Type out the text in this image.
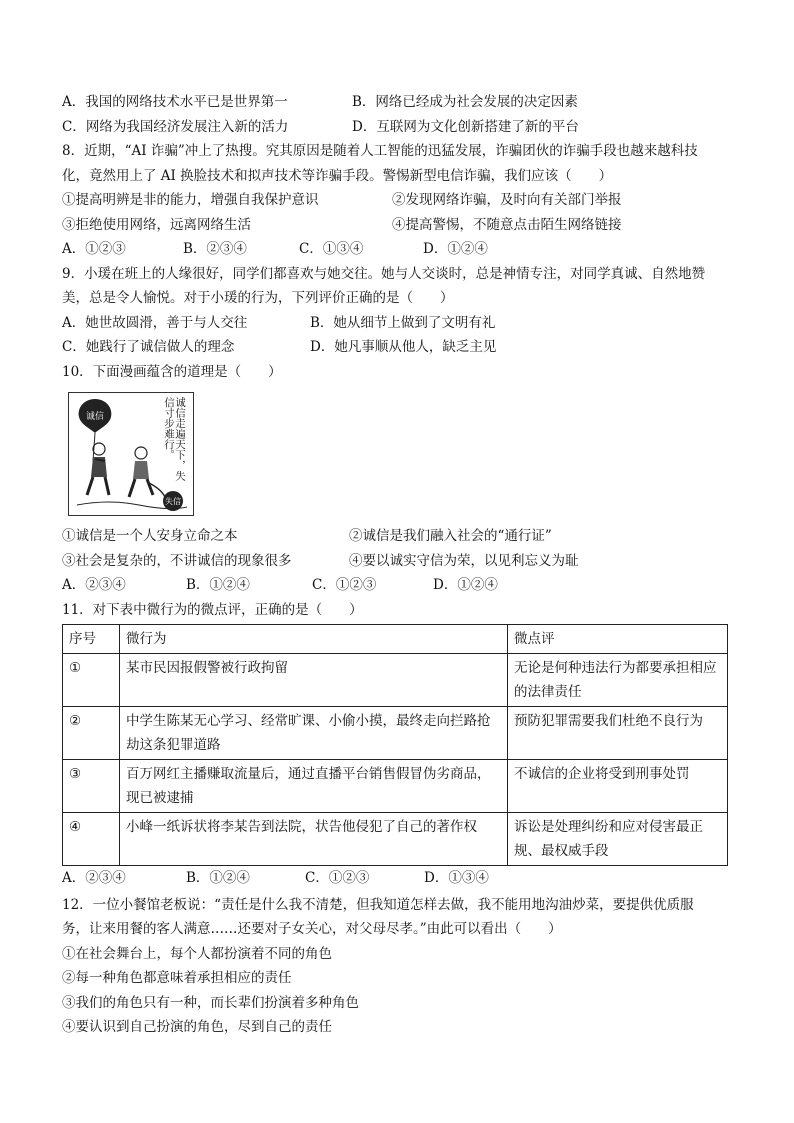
A．我国的网络技术水平已是世界第一	B．网络已经成为社会发展的决定因素
C．网络为我国经济发展注入新的活力	D．互联网为文化创新搭建了新的平台
8．近期，“AI 诈骗”冲上了热搜。究其原因是随着人工智能的迅猛发展，诈骗团伙的诈骗手段也越来越科技
化，竟然用上了 AI 换脸技术和拟声技术等诈骗手段。警惕新型电信诈骗，我们应该（　　）
①提高明辨是非的能力，增强自我保护意识	②发现网络诈骗，及时向有关部门举报
③拒绝使用网络，远离网络生活	④提高警惕，不随意点击陌生网络链接
A．①②③	B．②③④	C．①③④	D．①②④
9．小瑗在班上的人缘很好，同学们都喜欢与她交往。她与人交谈时，总是神情专注，对同学真诚、自然地赞
美，总是令人愉悦。对于小瑗的行为，下列评价正确的是（　　）
A．她世故圆滑，善于与人交往	B．她从细节上做到了文明有礼
C．她践行了诚信做人的理念	D．她凡事顺从他人，缺乏主见
10．下面漫画蕴含的道理是（　　）
诚信
失信
诚信走遍天下，失信寸步难行。
①诚信是一个人安身立命之本	②诚信是我们融入社会的“通行证”
③社会是复杂的，不讲诚信的现象很多	④要以诚实守信为荣，以见利忘义为耻
A．②③④	B．①②④	C．①②③	D．①②④
11．对下表中微行为的微点评，正确的是（　　）
序号	微行为	微点评
①	某市民因报假警被行政拘留	无论是何种违法行为都要承担相应的法律责任
②	中学生陈某无心学习、经常旷课、小偷小摸，最终走向拦路抢劫这条犯罪道路	预防犯罪需要我们杜绝不良行为
③	百万网红主播赚取流量后，通过直播平台销售假冒伪劣商品，现已被逮捕	不诚信的企业将受到刑事处罚
④	小峰一纸诉状将李某告到法院，状告他侵犯了自己的著作权	诉讼是处理纠纷和应对侵害最正规、最权威手段
A．②③④	B．①②④	C．①②③	D．①③④
12．一位小餐馆老板说：“责任是什么我不清楚，但我知道怎样去做，我不能用地沟油炒菜，要提供优质服
务，让来用餐的客人满意……还要对子女关心，对父母尽孝。”由此可以看出（　　）
①在社会舞台上，每个人都扮演着不同的角色
②每一种角色都意味着承担相应的责任
③我们的角色只有一种，而长辈们扮演着多种角色
④要认识到自己扮演的角色，尽到自己的责任
